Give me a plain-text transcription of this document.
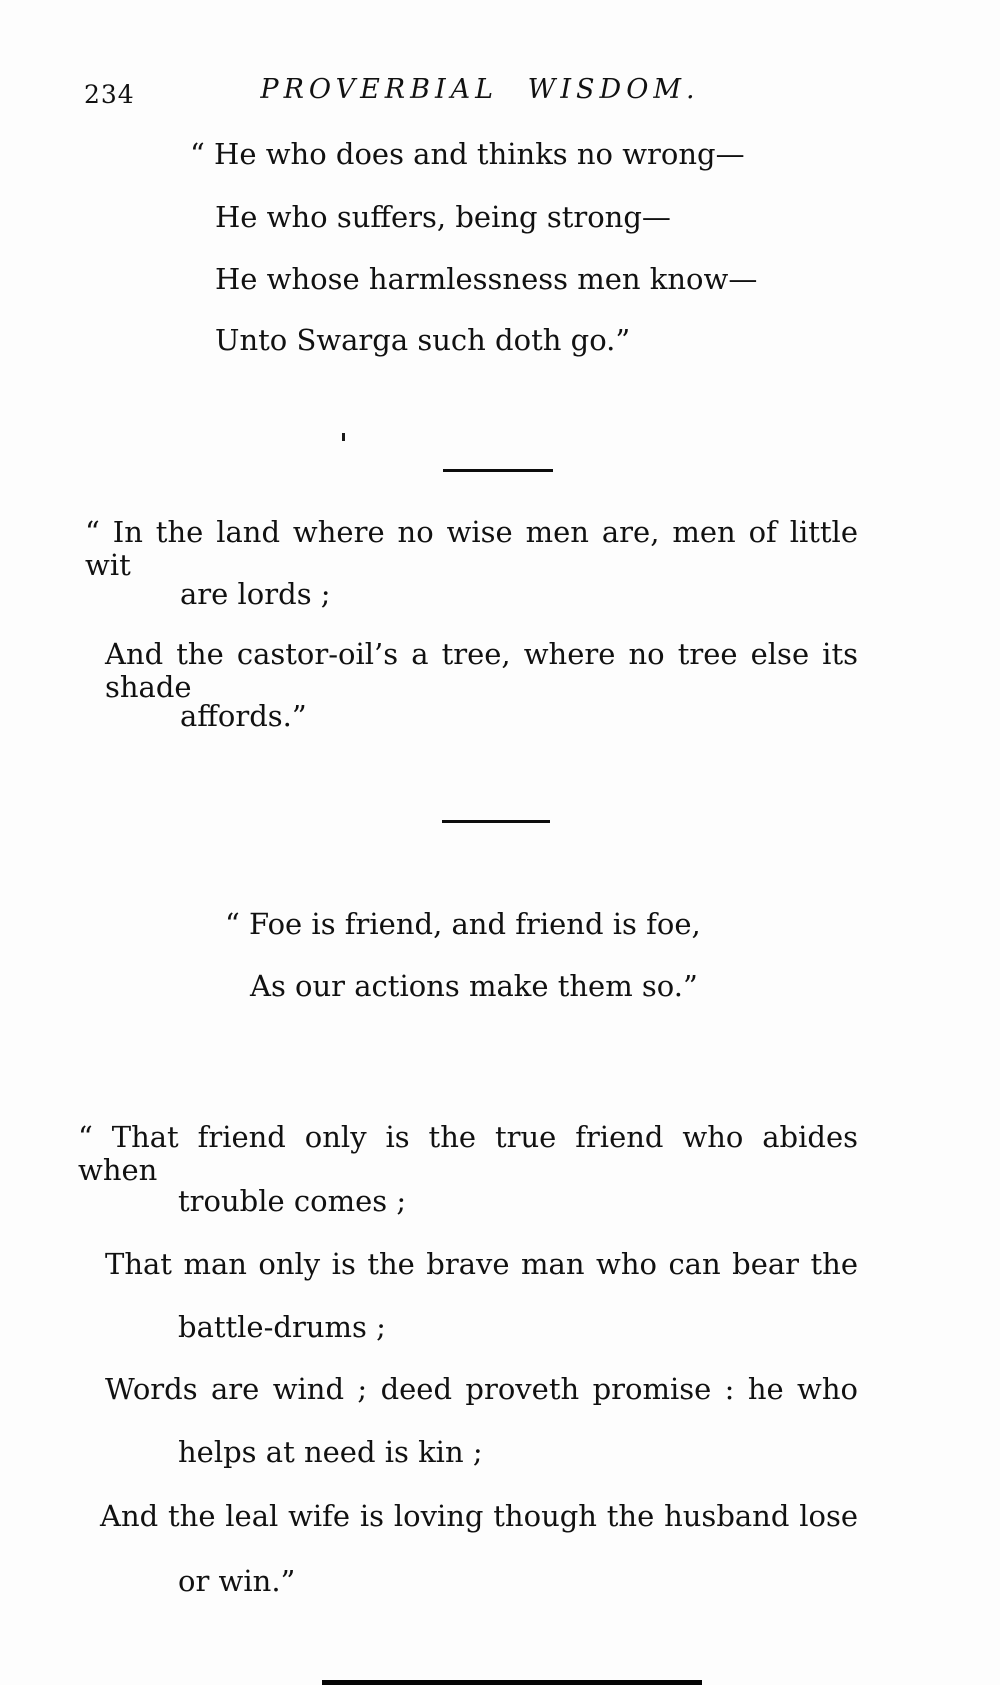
234	PROVERBIAL WISDOM.
“ He who does and thinks no wrong—
He who suffers, being strong—
He whose harmlessness men know—
Unto Swarga such doth go.”
“ In the land where no wise men are, men of little wit
are lords ;
And the castor-oil’s a tree, where no tree else its shade
affords.”
“ Foe is friend, and friend is foe,
As our actions make them so.”
“ That friend only is the true friend who abides when
trouble comes ;
That man only is the brave man who can bear the
battle-drums ;
Words are wind ; deed proveth promise : he who
helps at need is kin ;
And the leal wife is loving though the husband lose
or win.”
